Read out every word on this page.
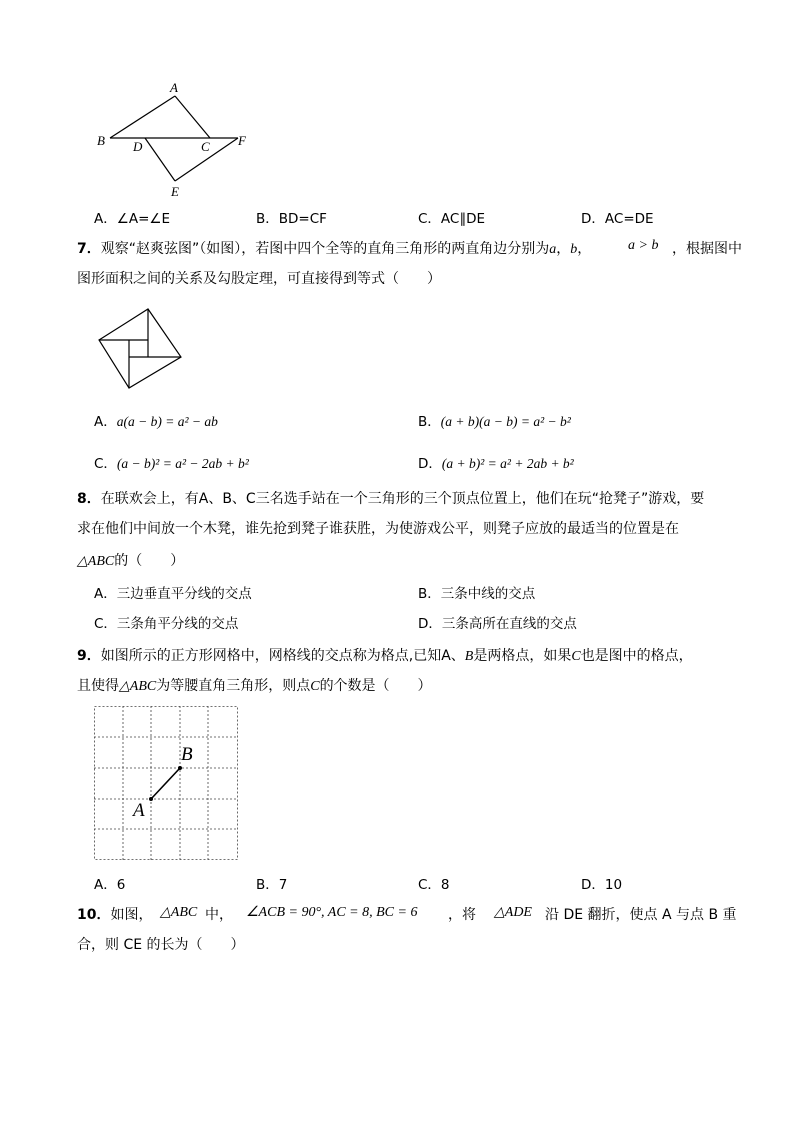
A
B D	C F
E
A．∠A=∠E	B．BD=CF	C．AC∥DE	D．AC=DE
7．观察“赵爽弦图”（如图），若图中四个全等的直角三角形的两直角边分别为a，b，	a > b ，根据图中
图形面积之间的关系及勾股定理，可直接得到等式（　　）
A．a(a − b) = a² − ab	B．(a + b)(a − b) = a² − b²
C．(a − b)² = a² − 2ab + b²	D．(a + b)² = a² + 2ab + b²
8．在联欢会上，有A、B、C三名选手站在一个三角形的三个顶点位置上，他们在玩“抢凳子”游戏，要
求在他们中间放一个木凳，谁先抢到凳子谁获胜，为使游戏公平，则凳子应放的最适当的位置是在
△ABC的（　　）
A．三边垂直平分线的交点	B．三条中线的交点
C．三条角平分线的交点	D．三条高所在直线的交点
9．如图所示的正方形网格中，网格线的交点称为格点,已知A、B是两格点，如果C也是图中的格点，
且使得△ABC为等腰直角三角形，则点C的个数是（　　）
B
A
A．6	B．7	C．8	D．10
10．如图， △ABC 中， ∠ACB = 90°, AC = 8, BC = 6 ，将 △ADE 沿 DE 翻折，使点 A 与点 B 重
合，则 CE 的长为（　　）
